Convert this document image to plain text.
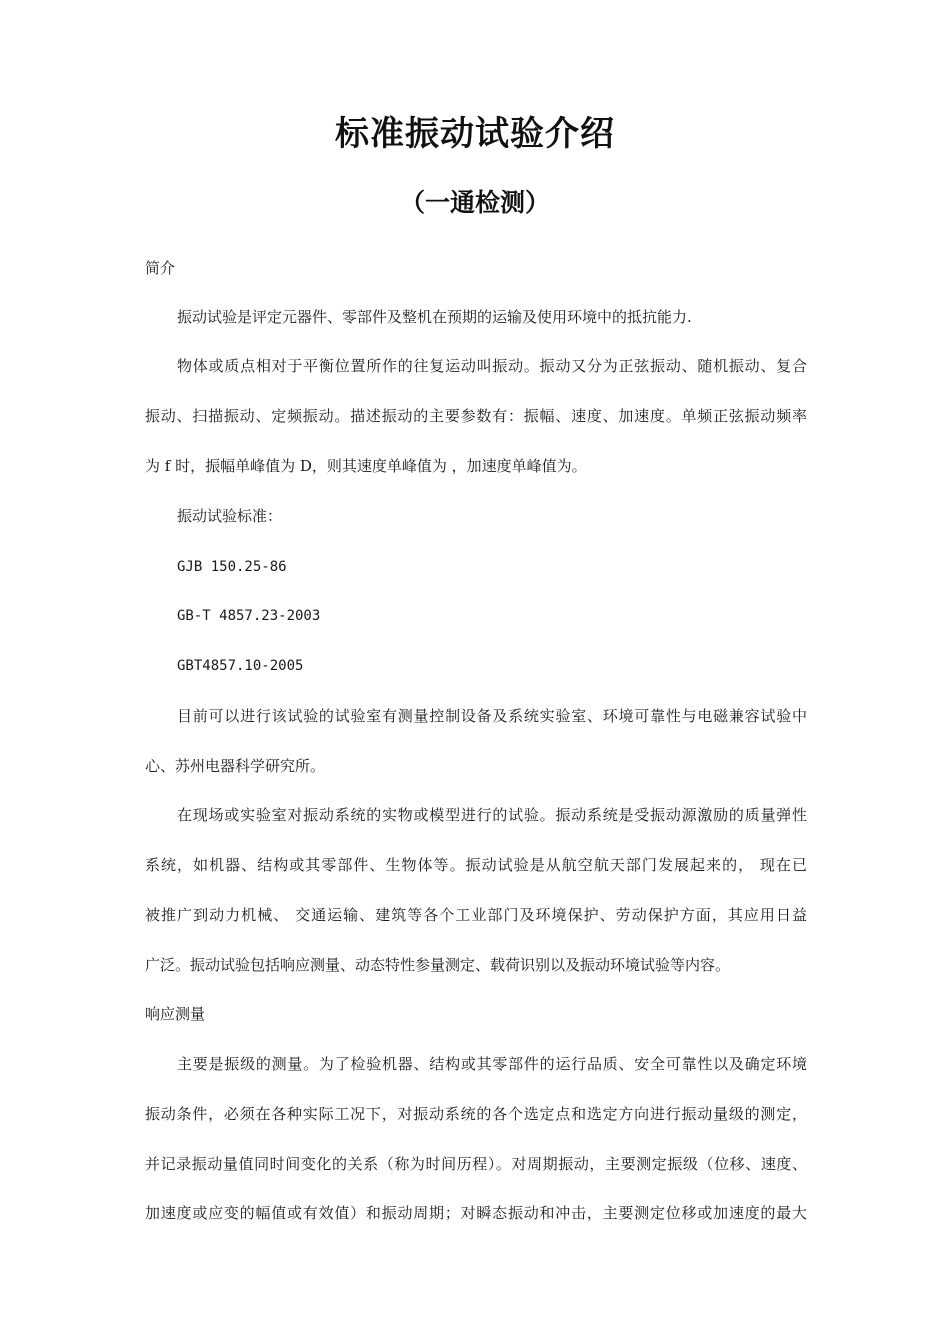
标准振动试验介绍
（一通检测）
简介
振动试验是评定元器件、零部件及整机在预期的运输及使用环境中的抵抗能力.
物体或质点相对于平衡位置所作的往复运动叫振动。振动又分为正弦振动、随机振动、复合
振动、扫描振动、定频振动。描述振动的主要参数有：振幅、速度、加速度。单频正弦振动频率
为 f 时，振幅单峰值为 D，则其速度单峰值为 ，加速度单峰值为。
振动试验标准：
GJB 150.25-86
GB-T 4857.23-2003
GBT4857.10-2005
目前可以进行该试验的试验室有测量控制设备及系统实验室、环境可靠性与电磁兼容试验中
心、苏州电器科学研究所。
在现场或实验室对振动系统的实物或模型进行的试验。振动系统是受振动源激励的质量弹性
系统，如机器、结构或其零部件、生物体等。振动试验是从航空航天部门发展起来的， 现在已
被推广到动力机械、 交通运输、建筑等各个工业部门及环境保护、劳动保护方面，其应用日益
广泛。振动试验包括响应测量、动态特性参量测定、载荷识别以及振动环境试验等内容。
响应测量
主要是振级的测量。为了检验机器、结构或其零部件的运行品质、安全可靠性以及确定环境
振动条件，必须在各种实际工况下，对振动系统的各个选定点和选定方向进行振动量级的测定，
并记录振动量值同时间变化的关系（称为时间历程）。对周期振动，主要测定振级（位移、速度、
加速度或应变的幅值或有效值）和振动周期；对瞬态振动和冲击，主要测定位移或加速度的最大
